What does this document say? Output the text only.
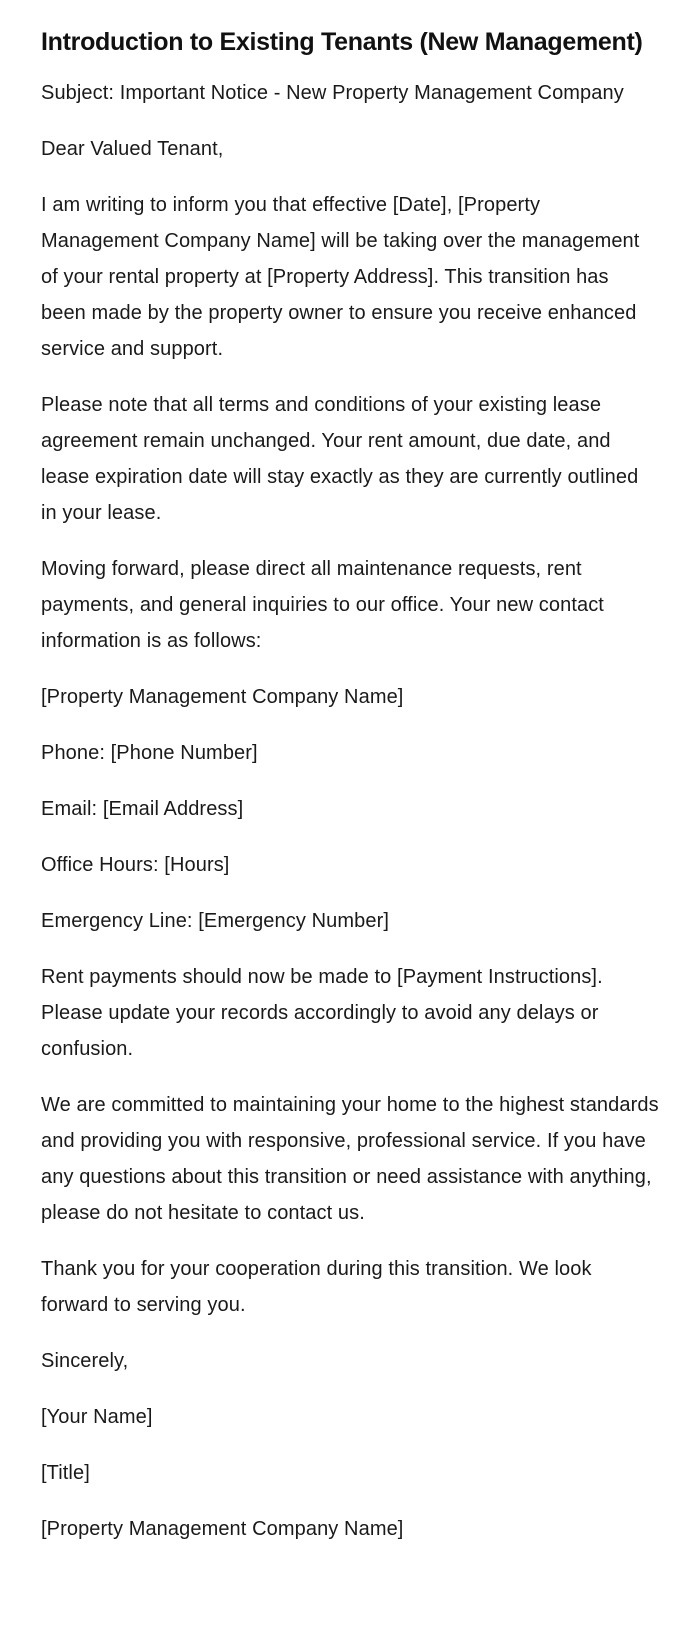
Introduction to Existing Tenants (New Management)

Subject: Important Notice - New Property Management Company

Dear Valued Tenant,

I am writing to inform you that effective [Date], [Property Management Company Name] will be taking over the management of your rental property at [Property Address]. This transition has been made by the property owner to ensure you receive enhanced service and support.

Please note that all terms and conditions of your existing lease agreement remain unchanged. Your rent amount, due date, and lease expiration date will stay exactly as they are currently outlined in your lease.

Moving forward, please direct all maintenance requests, rent payments, and general inquiries to our office. Your new contact information is as follows:

[Property Management Company Name]

Phone: [Phone Number]

Email: [Email Address]

Office Hours: [Hours]

Emergency Line: [Emergency Number]

Rent payments should now be made to [Payment Instructions]. Please update your records accordingly to avoid any delays or confusion.

We are committed to maintaining your home to the highest standards and providing you with responsive, professional service. If you have any questions about this transition or need assistance with anything, please do not hesitate to contact us.

Thank you for your cooperation during this transition. We look forward to serving you.

Sincerely,

[Your Name]

[Title]

[Property Management Company Name]
